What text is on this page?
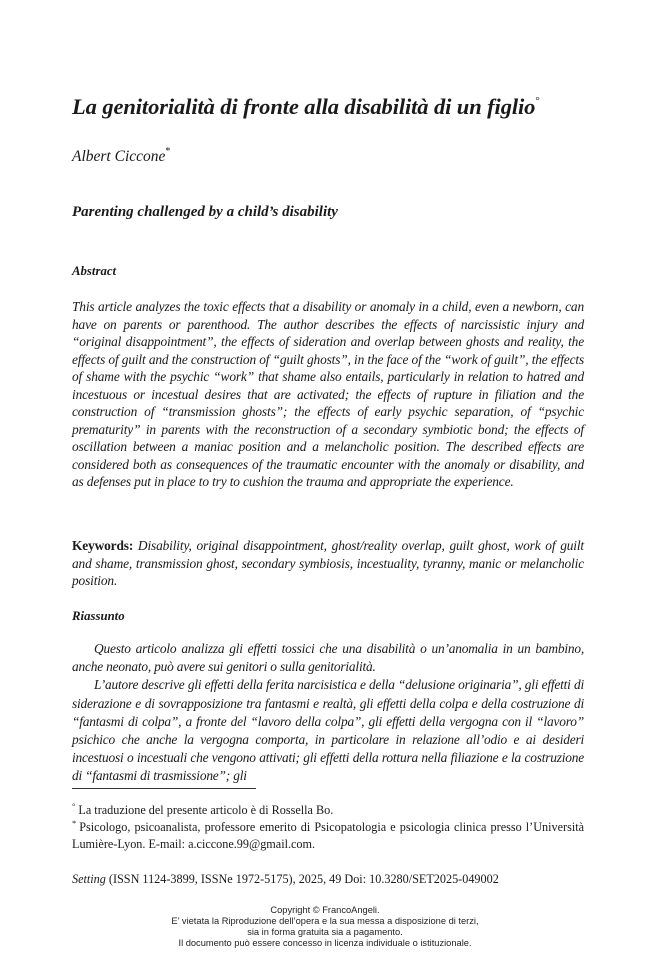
La genitorialità di fronte alla disabilità di un figlio°
Albert Ciccone*
Parenting challenged by a child’s disability
Abstract

This article analyzes the toxic effects that a disability or anomaly in a child, even a newborn, can have on parents or parenthood. The author describes the effects of narcissistic injury and “original disappointment”, the effects of sideration and overlap between ghosts and reality, the effects of guilt and the construction of “guilt ghosts”, in the face of the “work of guilt”, the effects of shame with the psychic “work” that shame also entails, particularly in relation to hatred and incestuous or incestual desires that are activated; the effects of rupture in filiation and the construction of “transmission ghosts”; the effects of early psychic separation, of “psychic prematurity” in parents with the reconstruction of a secondary symbiotic bond; the effects of oscillation between a maniac position and a melancholic position. The described effects are considered both as consequences of the traumatic encounter with the anomaly or disability, and as defenses put in place to try to cushion the trauma and appropriate the experience.

Keywords: Disability, original disappointment, ghost/reality overlap, guilt ghost, work of guilt and shame, transmission ghost, secondary symbiosis, incestuality, tyranny, manic or melancholic position.

Riassunto

Questo articolo analizza gli effetti tossici che una disabilità o un’anomalia in un bambino, anche neonato, può avere sui genitori o sulla genitorialità.

L’autore descrive gli effetti della ferita narcisistica e della “delusione originaria”, gli effetti di siderazione e di sovrapposizione tra fantasmi e realtà, gli effetti della colpa e della costruzione di “fantasmi di colpa”, a fronte del “lavoro della colpa”, gli effetti della vergogna con il “lavoro” psichico che anche la vergogna comporta, in particolare in relazione all’odio e ai desideri incestuosi o incestuali che vengono attivati; gli effetti della rottura nella filiazione e la costruzione di “fantasmi di trasmissione”; gli

° La traduzione del presente articolo è di Rossella Bo.

* Psicologo, psicoanalista, professore emerito di Psicopatologia e psicologia clinica presso l’Università Lumière-Lyon. E-mail: a.ciccone.99@gmail.com.

Setting (ISSN 1124-3899, ISSNe 1972-5175), 2025, 49 Doi: 10.3280/SET2025-049002
Copyright © FrancoAngeli.
E’ vietata la Riproduzione dell’opera e la sua messa a disposizione di terzi,
sia in forma gratuita sia a pagamento.
Il documento può essere concesso in licenza individuale o istituzionale.
